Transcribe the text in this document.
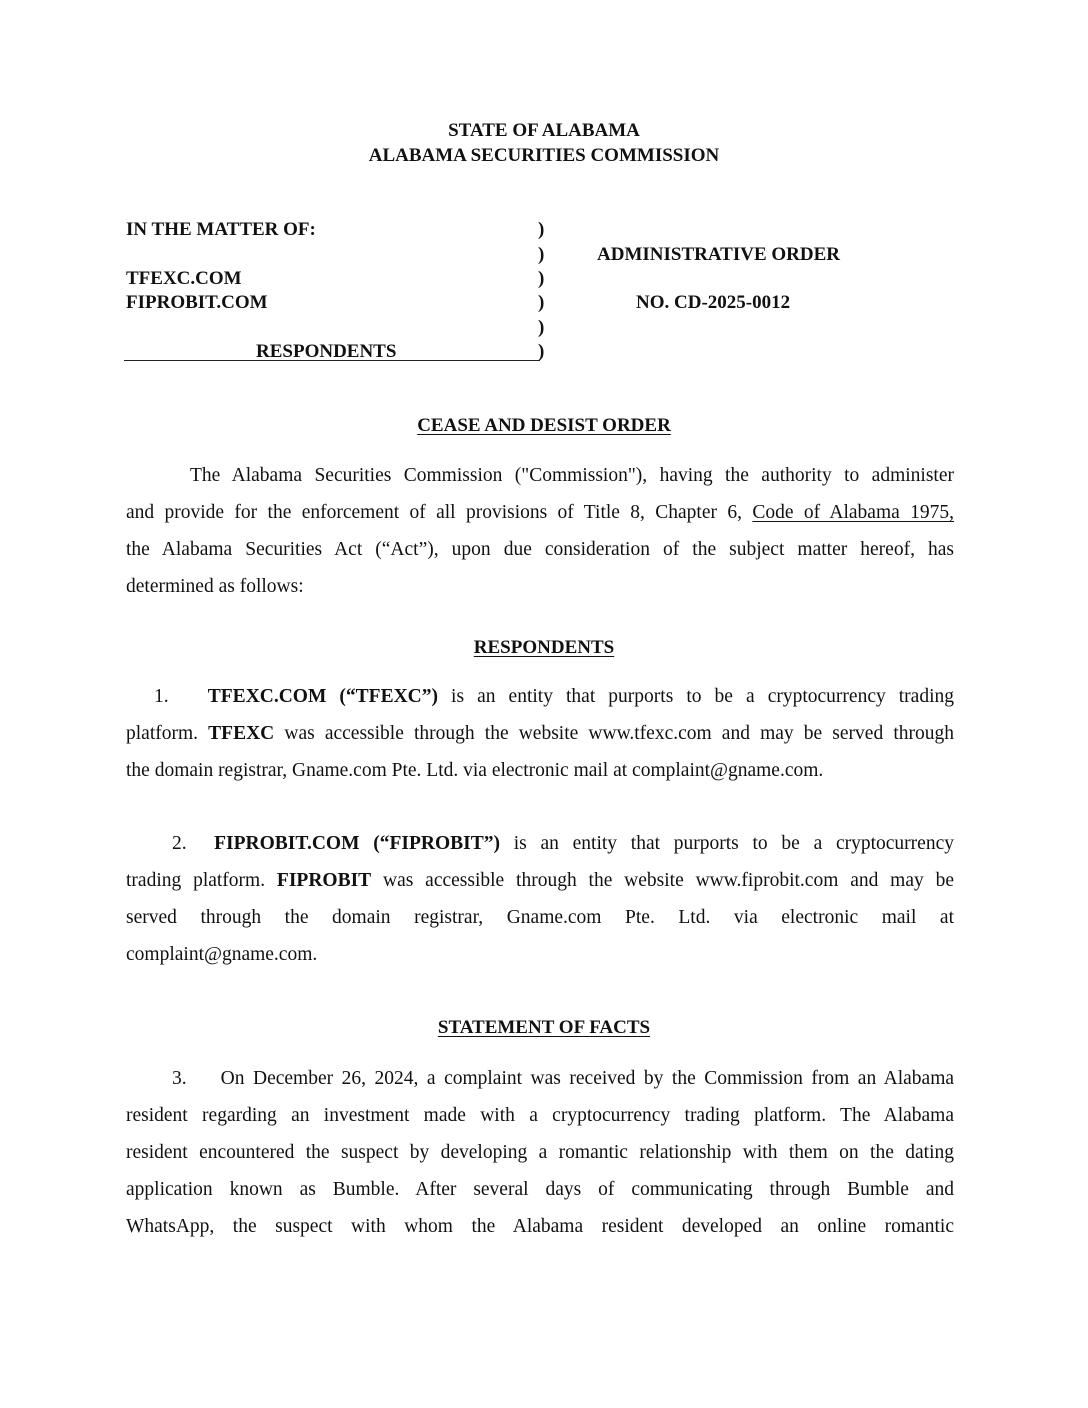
STATE OF ALABAMA
ALABAMA SECURITIES COMMISSION
IN THE MATTER OF:
TFEXC.COM
FIPROBIT.COM
RESPONDENTS
)
)
)
)
)
)
ADMINISTRATIVE ORDER
NO. CD-2025-0012
CEASE AND DESIST ORDER
The Alabama Securities Commission ("Commission"), having the authority to administer
and provide for the enforcement of all provisions of Title 8, Chapter 6, Code of Alabama 1975,
the Alabama Securities Act (“Act”), upon due consideration of the subject matter hereof, has
determined as follows:
RESPONDENTS
1. TFEXC.COM (“TFEXC”) is an entity that purports to be a cryptocurrency trading
platform. TFEXC was accessible through the website www.tfexc.com and may be served through
the domain registrar, Gname.com Pte. Ltd. via electronic mail at complaint@gname.com.
2. FIPROBIT.COM (“FIPROBIT”) is an entity that purports to be a cryptocurrency
trading platform. FIPROBIT was accessible through the website www.fiprobit.com and may be
served through the domain registrar, Gname.com Pte. Ltd. via electronic mail at
complaint@gname.com.
STATEMENT OF FACTS
3. On December 26, 2024, a complaint was received by the Commission from an Alabama
resident regarding an investment made with a cryptocurrency trading platform. The Alabama
resident encountered the suspect by developing a romantic relationship with them on the dating
application known as Bumble. After several days of communicating through Bumble and
WhatsApp, the suspect with whom the Alabama resident developed an online romantic
